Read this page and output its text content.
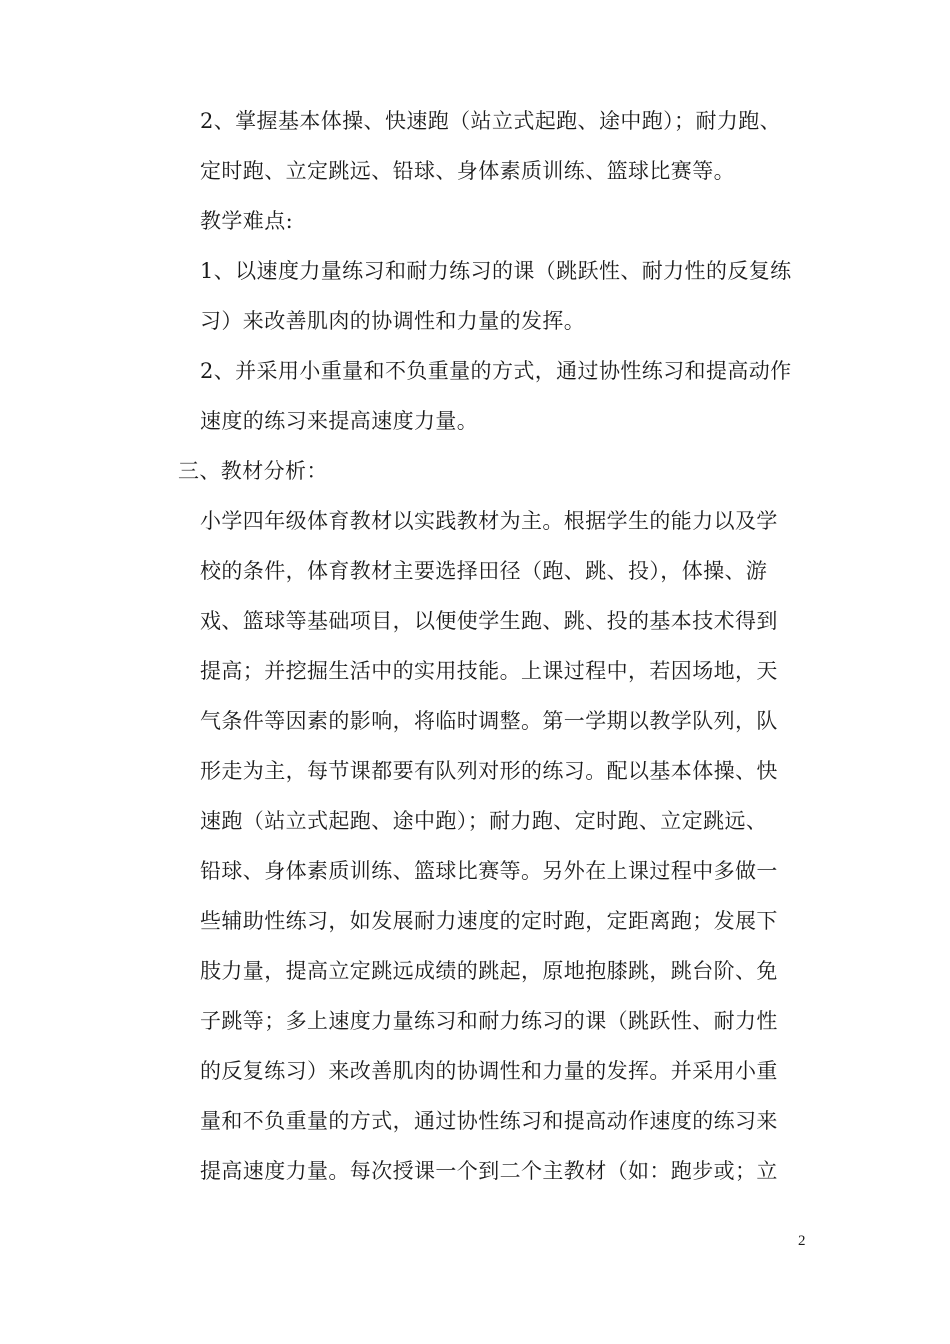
2、掌握基本体操、快速跑（站立式起跑、途中跑）；耐力跑、
定时跑、立定跳远、铅球、身体素质训练、篮球比赛等。
教学难点:
1、以速度力量练习和耐力练习的课（跳跃性、耐力性的反复练
习）来改善肌肉的协调性和力量的发挥。
2、并采用小重量和不负重量的方式，通过协性练习和提高动作
速度的练习来提高速度力量。
三、教材分析：
小学四年级体育教材以实践教材为主。根据学生的能力以及学
校的条件，体育教材主要选择田径（跑、跳、投），体操、游
戏、篮球等基础项目，以便使学生跑、跳、投的基本技术得到
提高；并挖掘生活中的实用技能。上课过程中，若因场地，天
气条件等因素的影响，将临时调整。第一学期以教学队列，队
形走为主，每节课都要有队列对形的练习。配以基本体操、快
速跑（站立式起跑、途中跑）；耐力跑、定时跑、立定跳远、
铅球、身体素质训练、篮球比赛等。另外在上课过程中多做一
些辅助性练习，如发展耐力速度的定时跑，定距离跑；发展下
肢力量，提高立定跳远成绩的跳起，原地抱膝跳，跳台阶、免
子跳等；多上速度力量练习和耐力练习的课（跳跃性、耐力性
的反复练习）来改善肌肉的协调性和力量的发挥。并采用小重
量和不负重量的方式，通过协性练习和提高动作速度的练习来
提高速度力量。每次授课一个到二个主教材（如：跑步或；立
2
